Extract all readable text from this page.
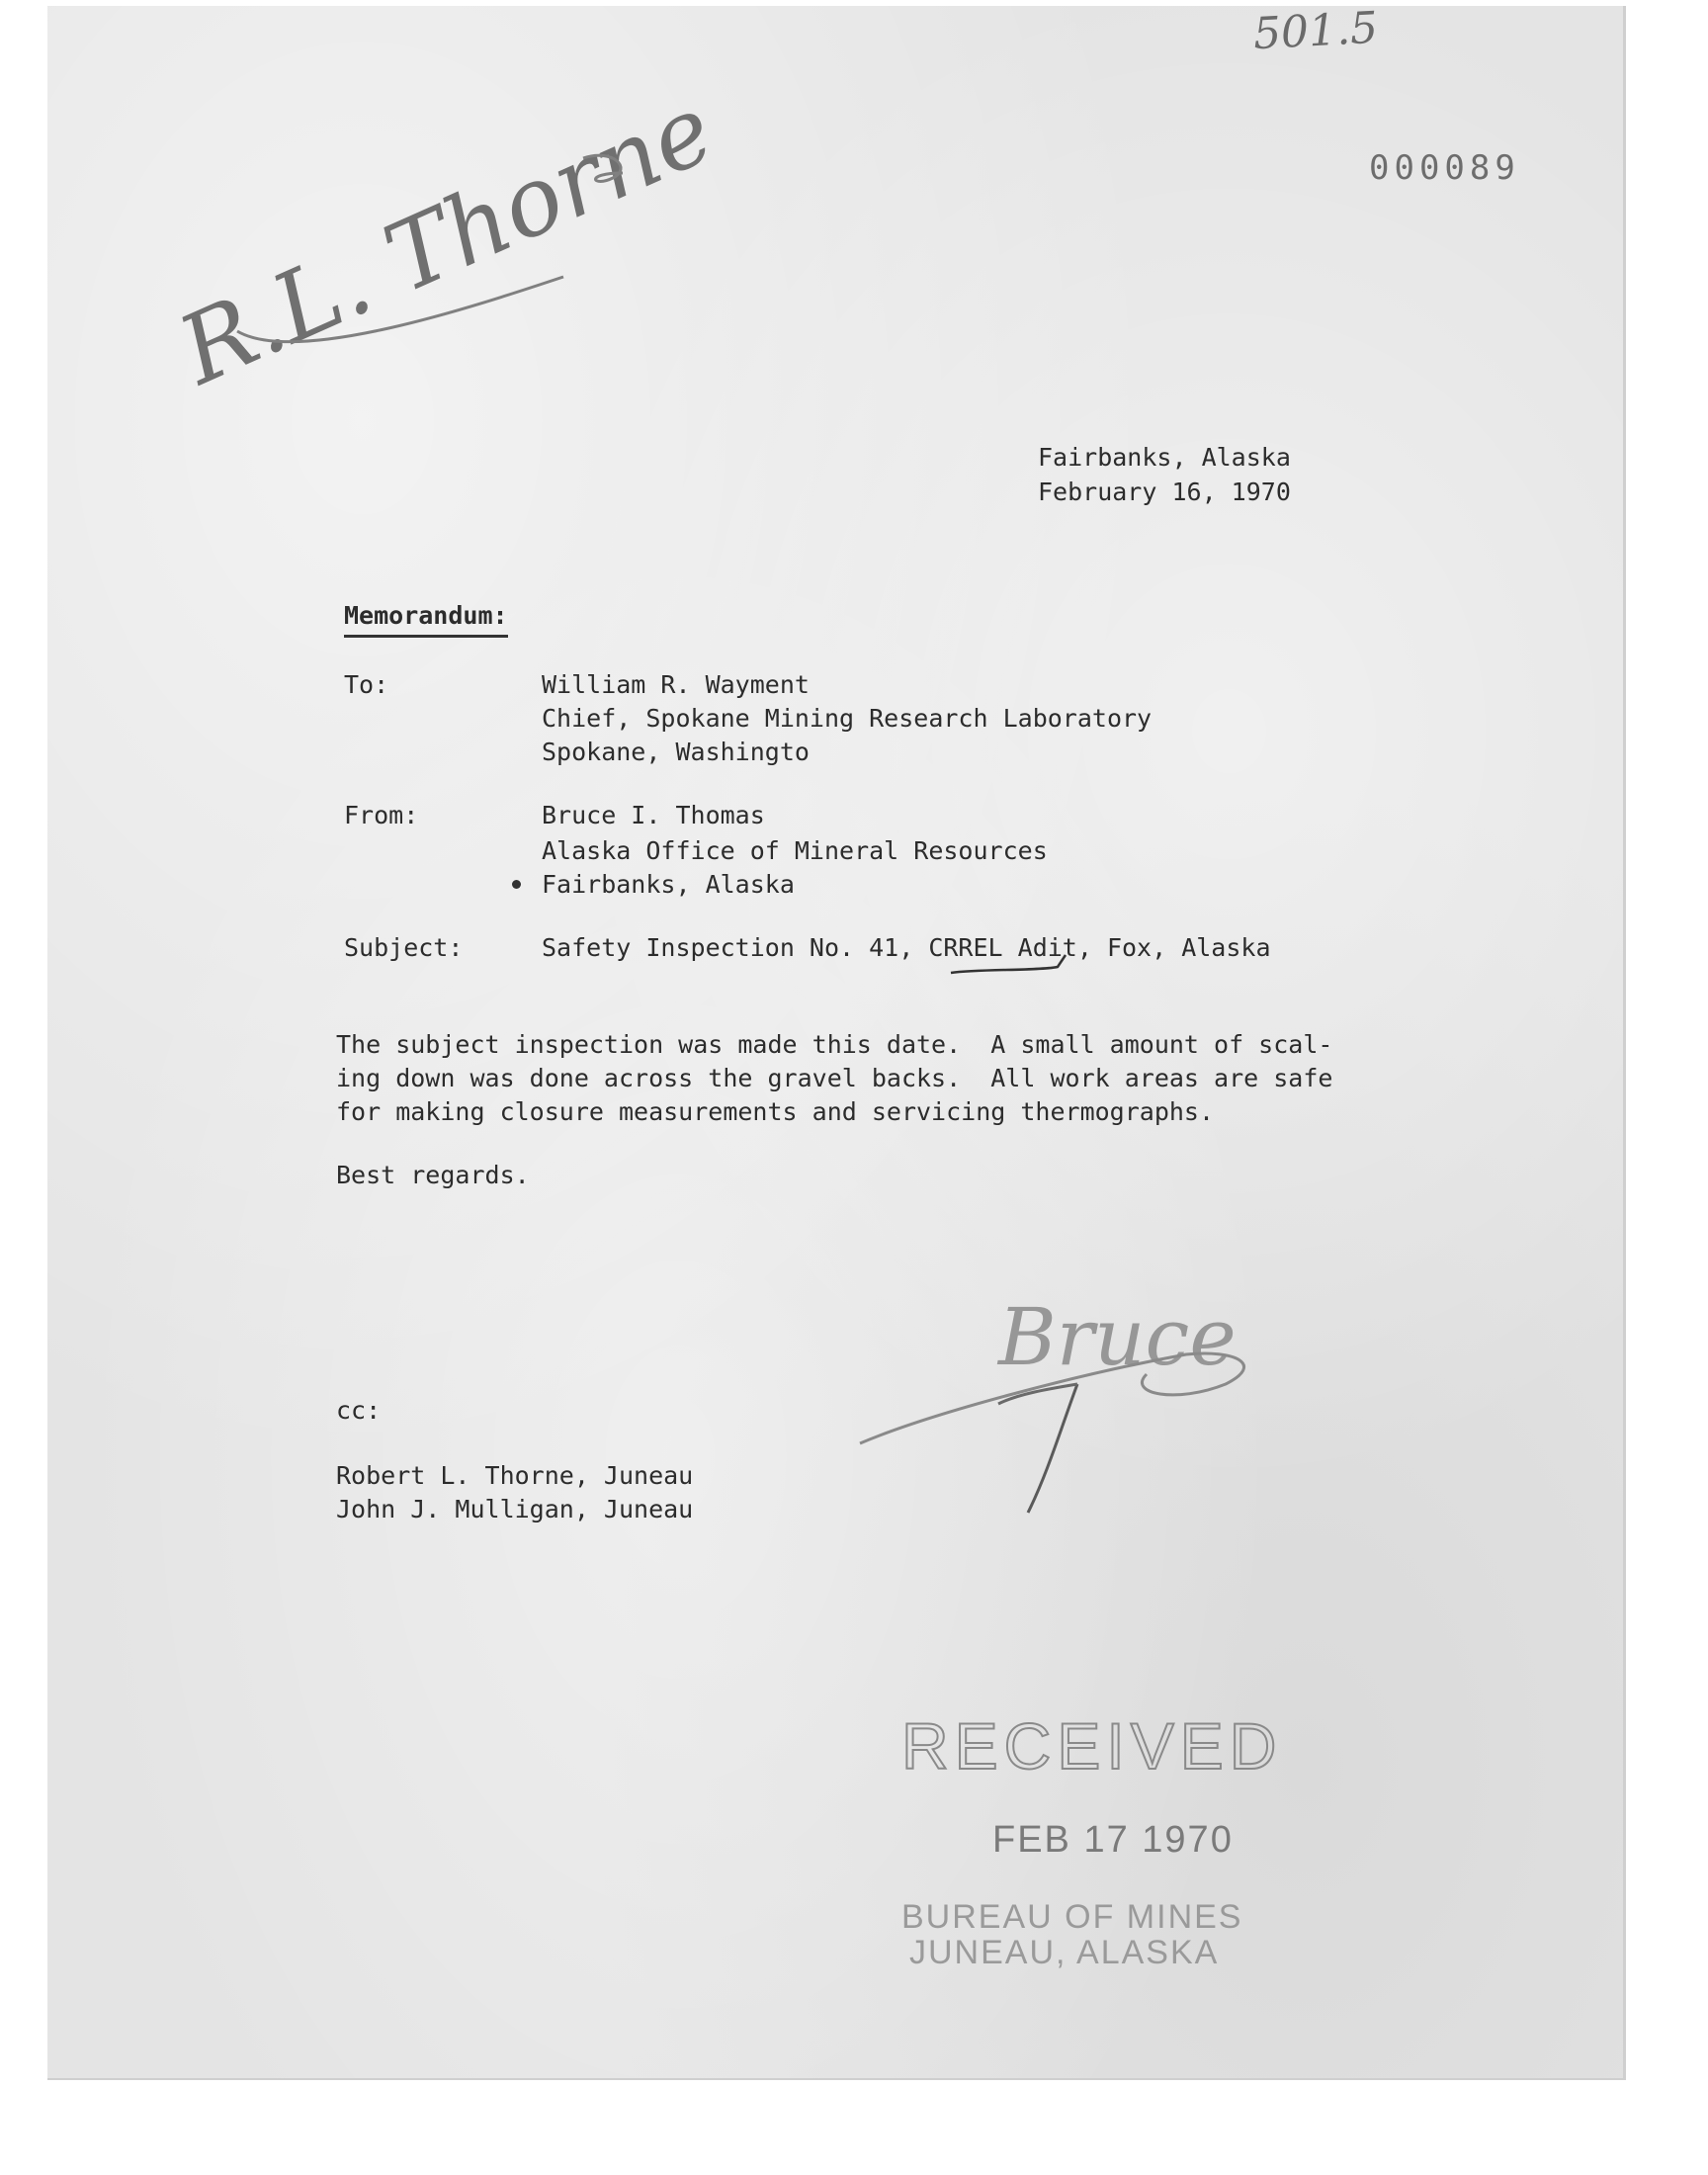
501.5
000089
R.L. Thorne
Fairbanks, Alaska
February 16, 1970
Memorandum:
To:	William R. Wayment
Chief, Spokane Mining Research Laboratory
Spokane, Washingto
From:	Bruce I. Thomas
Alaska Office of Mineral Resources
Fairbanks, Alaska
Subject:	Safety Inspection No. 41, CRREL Adit, Fox, Alaska
The subject inspection was made this date.  A small amount of scal-
ing down was done across the gravel backs.  All work areas are safe
for making closure measurements and servicing thermographs.
Best regards.
Bruce
cc:
Robert L. Thorne, Juneau
John J. Mulligan, Juneau
RECEIVED
FEB 17 1970
BUREAU OF MINES
JUNEAU, ALASKA
